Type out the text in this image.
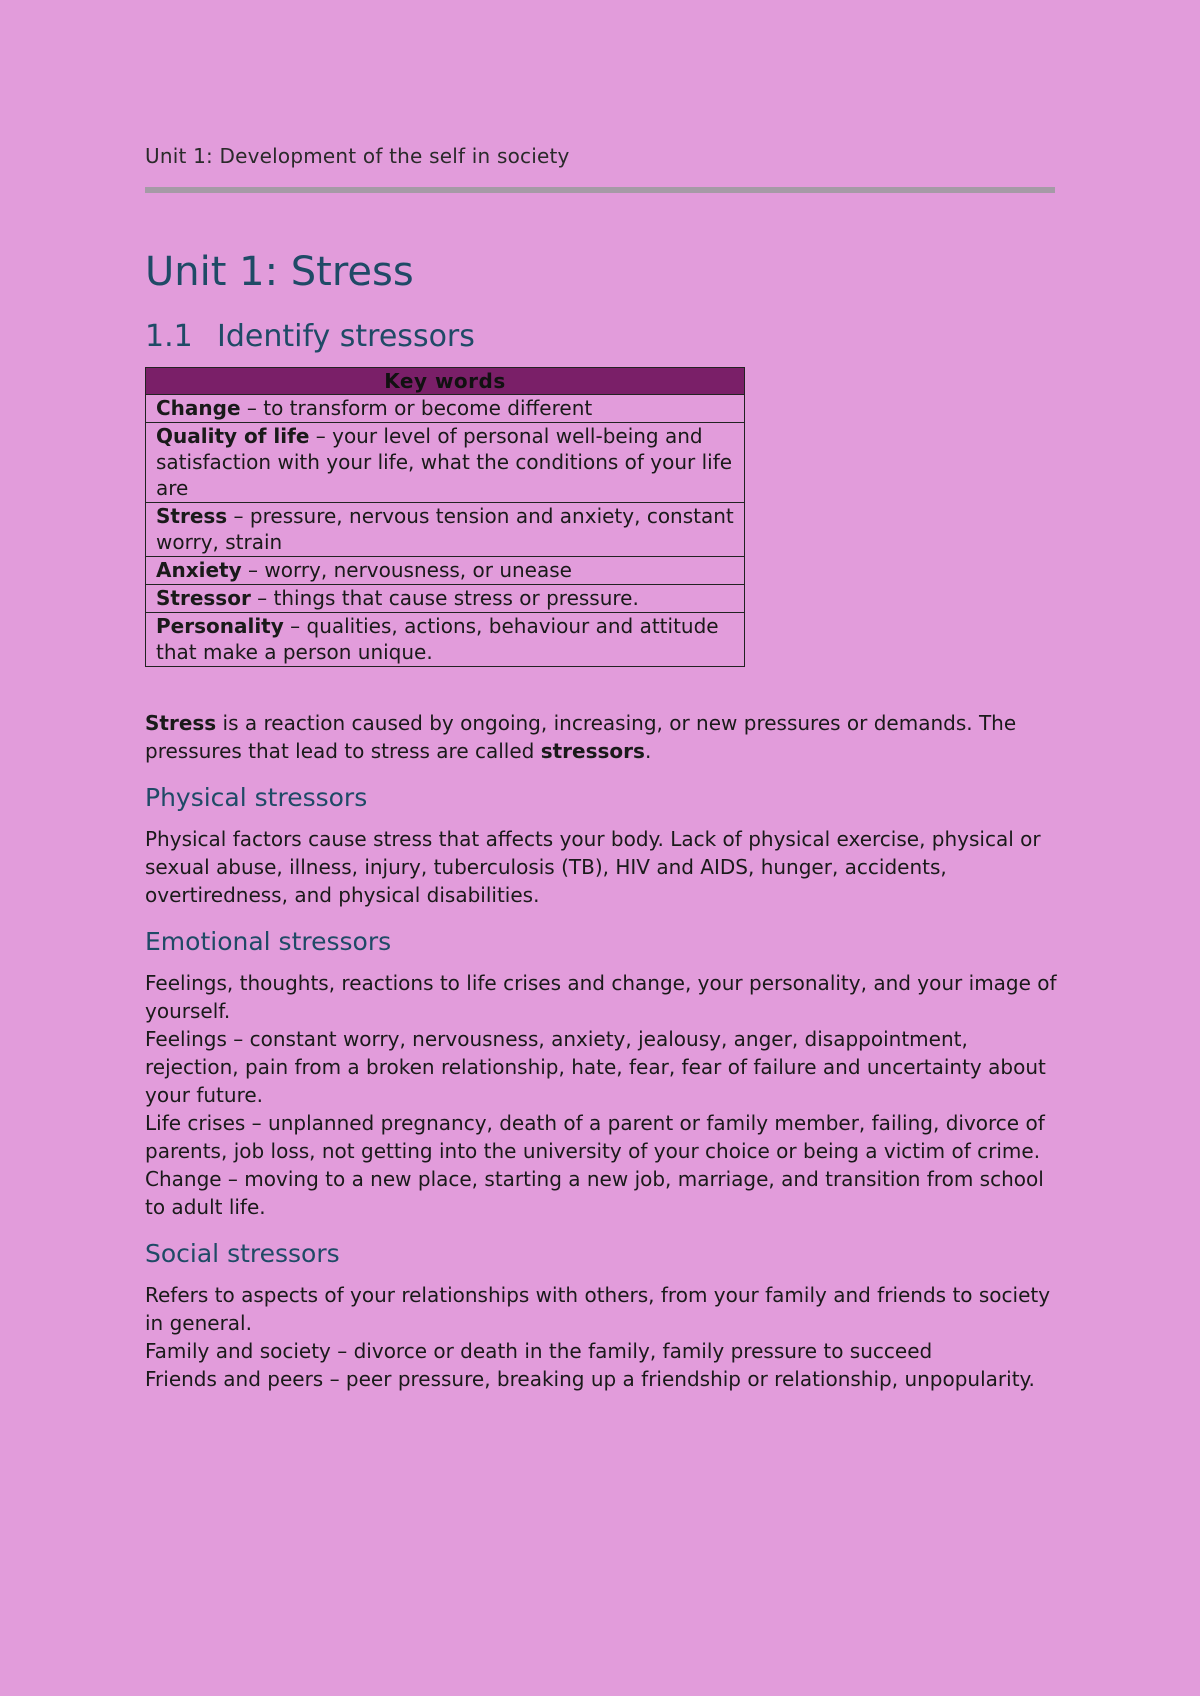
Unit 1: Development of the self in society
Unit 1: Stress
1.1 Identify stressors
Key words
Change – to transform or become different
Quality of life – your level of personal well-being and satisfaction with your life, what the conditions of your life are
Stress – pressure, nervous tension and anxiety, constant worry, strain
Anxiety – worry, nervousness, or unease
Stressor – things that cause stress or pressure.
Personality – qualities, actions, behaviour and attitude that make a person unique.

Stress is a reaction caused by ongoing, increasing, or new pressures or demands. The pressures that lead to stress are called stressors.

Physical stressors

Physical factors cause stress that affects your body. Lack of physical exercise, physical or sexual abuse, illness, injury, tuberculosis (TB), HIV and AIDS, hunger, accidents, overtiredness, and physical disabilities.

Emotional stressors

Feelings, thoughts, reactions to life crises and change, your personality, and your image of yourself.

Feelings – constant worry, nervousness, anxiety, jealousy, anger, disappointment, rejection, pain from a broken relationship, hate, fear, fear of failure and uncertainty about your future.

Life crises – unplanned pregnancy, death of a parent or family member, failing, divorce of parents, job loss, not getting into the university of your choice or being a victim of crime.

Change – moving to a new place, starting a new job, marriage, and transition from school to adult life.

Social stressors

Refers to aspects of your relationships with others, from your family and friends to society in general.

Family and society – divorce or death in the family, family pressure to succeed

Friends and peers – peer pressure, breaking up a friendship or relationship, unpopularity.
